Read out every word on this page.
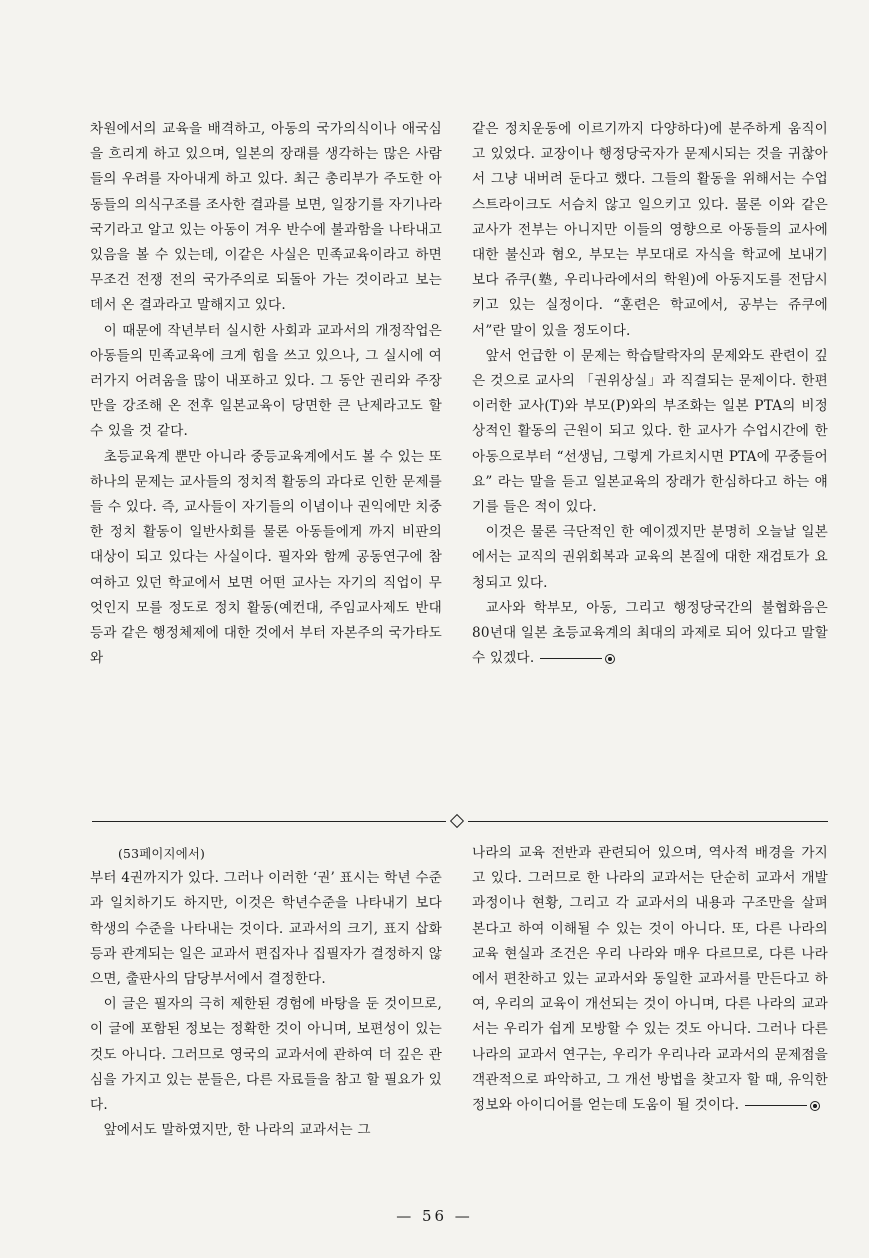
차원에서의 교육을 배격하고, 아동의 국가의식이나 애국심을 흐리게 하고 있으며, 일본의 장래를 생각하는 많은 사람들의 우려를 자아내게 하고 있다. 최근 총리부가 주도한 아동들의 의식구조를 조사한 결과를 보면, 일장기를 자기나라 국기라고 알고 있는 아동이 겨우 반수에 불과함을 나타내고 있음을 볼 수 있는데, 이같은 사실은 민족교육이라고 하면 무조건 전쟁 전의 국가주의로 되돌아 가는 것이라고 보는 데서 온 결과라고 말해지고 있다.

이 때문에 작년부터 실시한 사회과 교과서의 개정작업은 아동들의 민족교육에 크게 힘을 쓰고 있으나, 그 실시에 여러가지 어려움을 많이 내포하고 있다. 그 동안 권리와 주장만을 강조해 온 전후 일본교육이 당면한 큰 난제라고도 할 수 있을 것 같다.

초등교육계 뿐만 아니라 중등교육계에서도 볼 수 있는 또 하나의 문제는 교사들의 정치적 활동의 과다로 인한 문제를 들 수 있다. 즉, 교사들이 자기들의 이념이나 권익에만 치중한 정치 활동이 일반사회를 물론 아동들에게 까지 비판의 대상이 되고 있다는 사실이다. 필자와 함께 공동연구에 참여하고 있던 학교에서 보면 어떤 교사는 자기의 직업이 무엇인지 모를 정도로 정치 활동(예컨대, 주임교사제도 반대 등과 같은 행정체제에 대한 것에서 부터 자본주의 국가타도와

같은 정치운동에 이르기까지 다양하다)에 분주하게 움직이고 있었다. 교장이나 행정당국자가 문제시되는 것을 귀찮아서 그냥 내버려 둔다고 했다. 그들의 활동을 위해서는 수업 스트라이크도 서슴치 않고 일으키고 있다. 물론 이와 같은 교사가 전부는 아니지만 이들의 영향으로 아동들의 교사에 대한 불신과 혐오, 부모는 부모대로 자식을 학교에 보내기보다 쥬쿠(塾, 우리나라에서의 학원)에 아동지도를 전담시키고 있는 실정이다. “훈련은 학교에서, 공부는 쥬쿠에서”란 말이 있을 정도이다.

앞서 언급한 이 문제는 학습탈락자의 문제와도 관련이 깊은 것으로 교사의 「권위상실」과 직결되는 문제이다. 한편 이러한 교사(T)와 부모(P)와의 부조화는 일본 PTA의 비정상적인 활동의 근원이 되고 있다. 한 교사가 수업시간에 한 아동으로부터 “선생님, 그렇게 가르치시면 PTA에 꾸중들어요” 라는 말을 듣고 일본교육의 장래가 한심하다고 하는 얘기를 들은 적이 있다.

이것은 물론 극단적인 한 예이겠지만 분명히 오늘날 일본에서는 교직의 권위회복과 교육의 본질에 대한 재검토가 요청되고 있다.

교사와 학부모, 아동, 그리고 행정당국간의 불협화음은 80년대 일본 초등교육계의 최대의 과제로 되어 있다고 말할 수 있겠다.

(53페이지에서)

부터 4권까지가 있다. 그러나 이러한 ‘권’ 표시는 학년 수준과 일치하기도 하지만, 이것은 학년수준을 나타내기 보다 학생의 수준을 나타내는 것이다. 교과서의 크기, 표지 삽화 등과 관계되는 일은 교과서 편집자나 집필자가 결정하지 않으면, 출판사의 담당부서에서 결정한다.

이 글은 필자의 극히 제한된 경험에 바탕을 둔 것이므로, 이 글에 포함된 정보는 정확한 것이 아니며, 보편성이 있는 것도 아니다. 그러므로 영국의 교과서에 관하여 더 깊은 관심을 가지고 있는 분들은, 다른 자료들을 참고 할 필요가 있다.

앞에서도 말하였지만, 한 나라의 교과서는 그

나라의 교육 전반과 관련되어 있으며, 역사적 배경을 가지고 있다. 그러므로 한 나라의 교과서는 단순히 교과서 개발 과정이나 현황, 그리고 각 교과서의 내용과 구조만을 살펴 본다고 하여 이해될 수 있는 것이 아니다. 또, 다른 나라의 교육 현실과 조건은 우리 나라와 매우 다르므로, 다른 나라에서 편찬하고 있는 교과서와 동일한 교과서를 만든다고 하여, 우리의 교육이 개선되는 것이 아니며, 다른 나라의 교과서는 우리가 쉽게 모방할 수 있는 것도 아니다. 그러나 다른 나라의 교과서 연구는, 우리가 우리나라 교과서의 문제점을 객관적으로 파악하고, 그 개선 방법을 찾고자 할 때, 유익한 정보와 아이디어를 얻는데 도움이 될 것이다.

— 56 —
